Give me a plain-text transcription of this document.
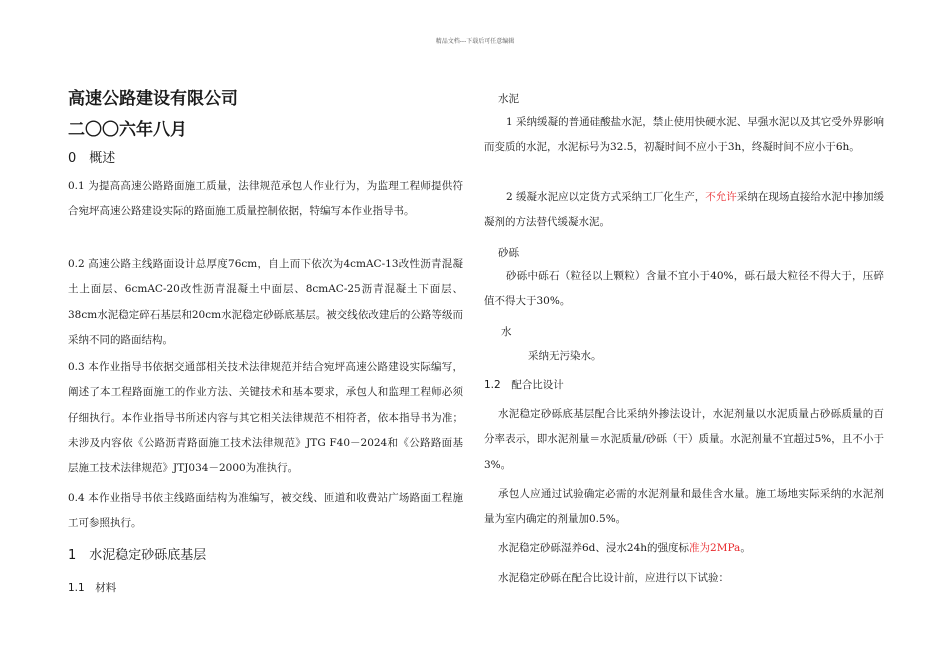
精品文档---下载后可任意编辑
高速公路建设有限公司
二〇〇六年八月
0　概述

0.1 为提高高速公路路面施工质量，法律规范承包人作业行为，为监理工程师提供符合宛坪高速公路建设实际的路面施工质量控制依据，特编写本作业指导书。

0.2 高速公路主线路面设计总厚度76cm，自上而下依次为4cmAC-13改性沥青混凝土上面层、6cmAC-20改性沥青混凝土中面层、8cmAC-25沥青混凝土下面层、38cm水泥稳定碎石基层和20cm水泥稳定砂砾底基层。被交线依改建后的公路等级而采纳不同的路面结构。

0.3 本作业指导书依据交通部相关技术法律规范并结合宛坪高速公路建设实际编写，阐述了本工程路面施工的作业方法、关键技术和基本要求，承包人和监理工程师必须仔细执行。本作业指导书所述内容与其它相关法律规范不相符者，依本指导书为准；未涉及内容依《公路沥青路面施工技术法律规范》JTG F40－2024和《公路路面基层施工技术法律规范》JTJ034－2000为准执行。

0.4 本作业指导书依主线路面结构为准编写，被交线、匝道和收费站广场路面工程施工可参照执行。

1　水泥稳定砂砾底基层
1.1　材料
水泥

1 采纳缓凝的普通硅酸盐水泥，禁止使用快硬水泥、早强水泥以及其它受外界影响而变质的水泥，水泥标号为32.5，初凝时间不应小于3h，终凝时间不应小于6h。

2 缓凝水泥应以定货方式采纳工厂化生产，不允许采纳在现场直接给水泥中掺加缓凝剂的方法替代缓凝水泥。

砂砾

砂砾中砾石（粒径以上颗粒）含量不宜小于40%，砾石最大粒径不得大于，压碎值不得大于30%。

水
采纳无污染水。
1.2　配合比设计

水泥稳定砂砾底基层配合比采纳外掺法设计，水泥剂量以水泥质量占砂砾质量的百分率表示，即水泥剂量＝水泥质量/砂砾（干）质量。水泥剂量不宜超过5%，且不小于3%。

承包人应通过试验确定必需的水泥剂量和最佳含水量。施工场地实际采纳的水泥剂量为室内确定的剂量加0.5%。

水泥稳定砂砾湿养6d、浸水24h的强度标准为2MPa。

水泥稳定砂砾在配合比设计前，应进行以下试验：
